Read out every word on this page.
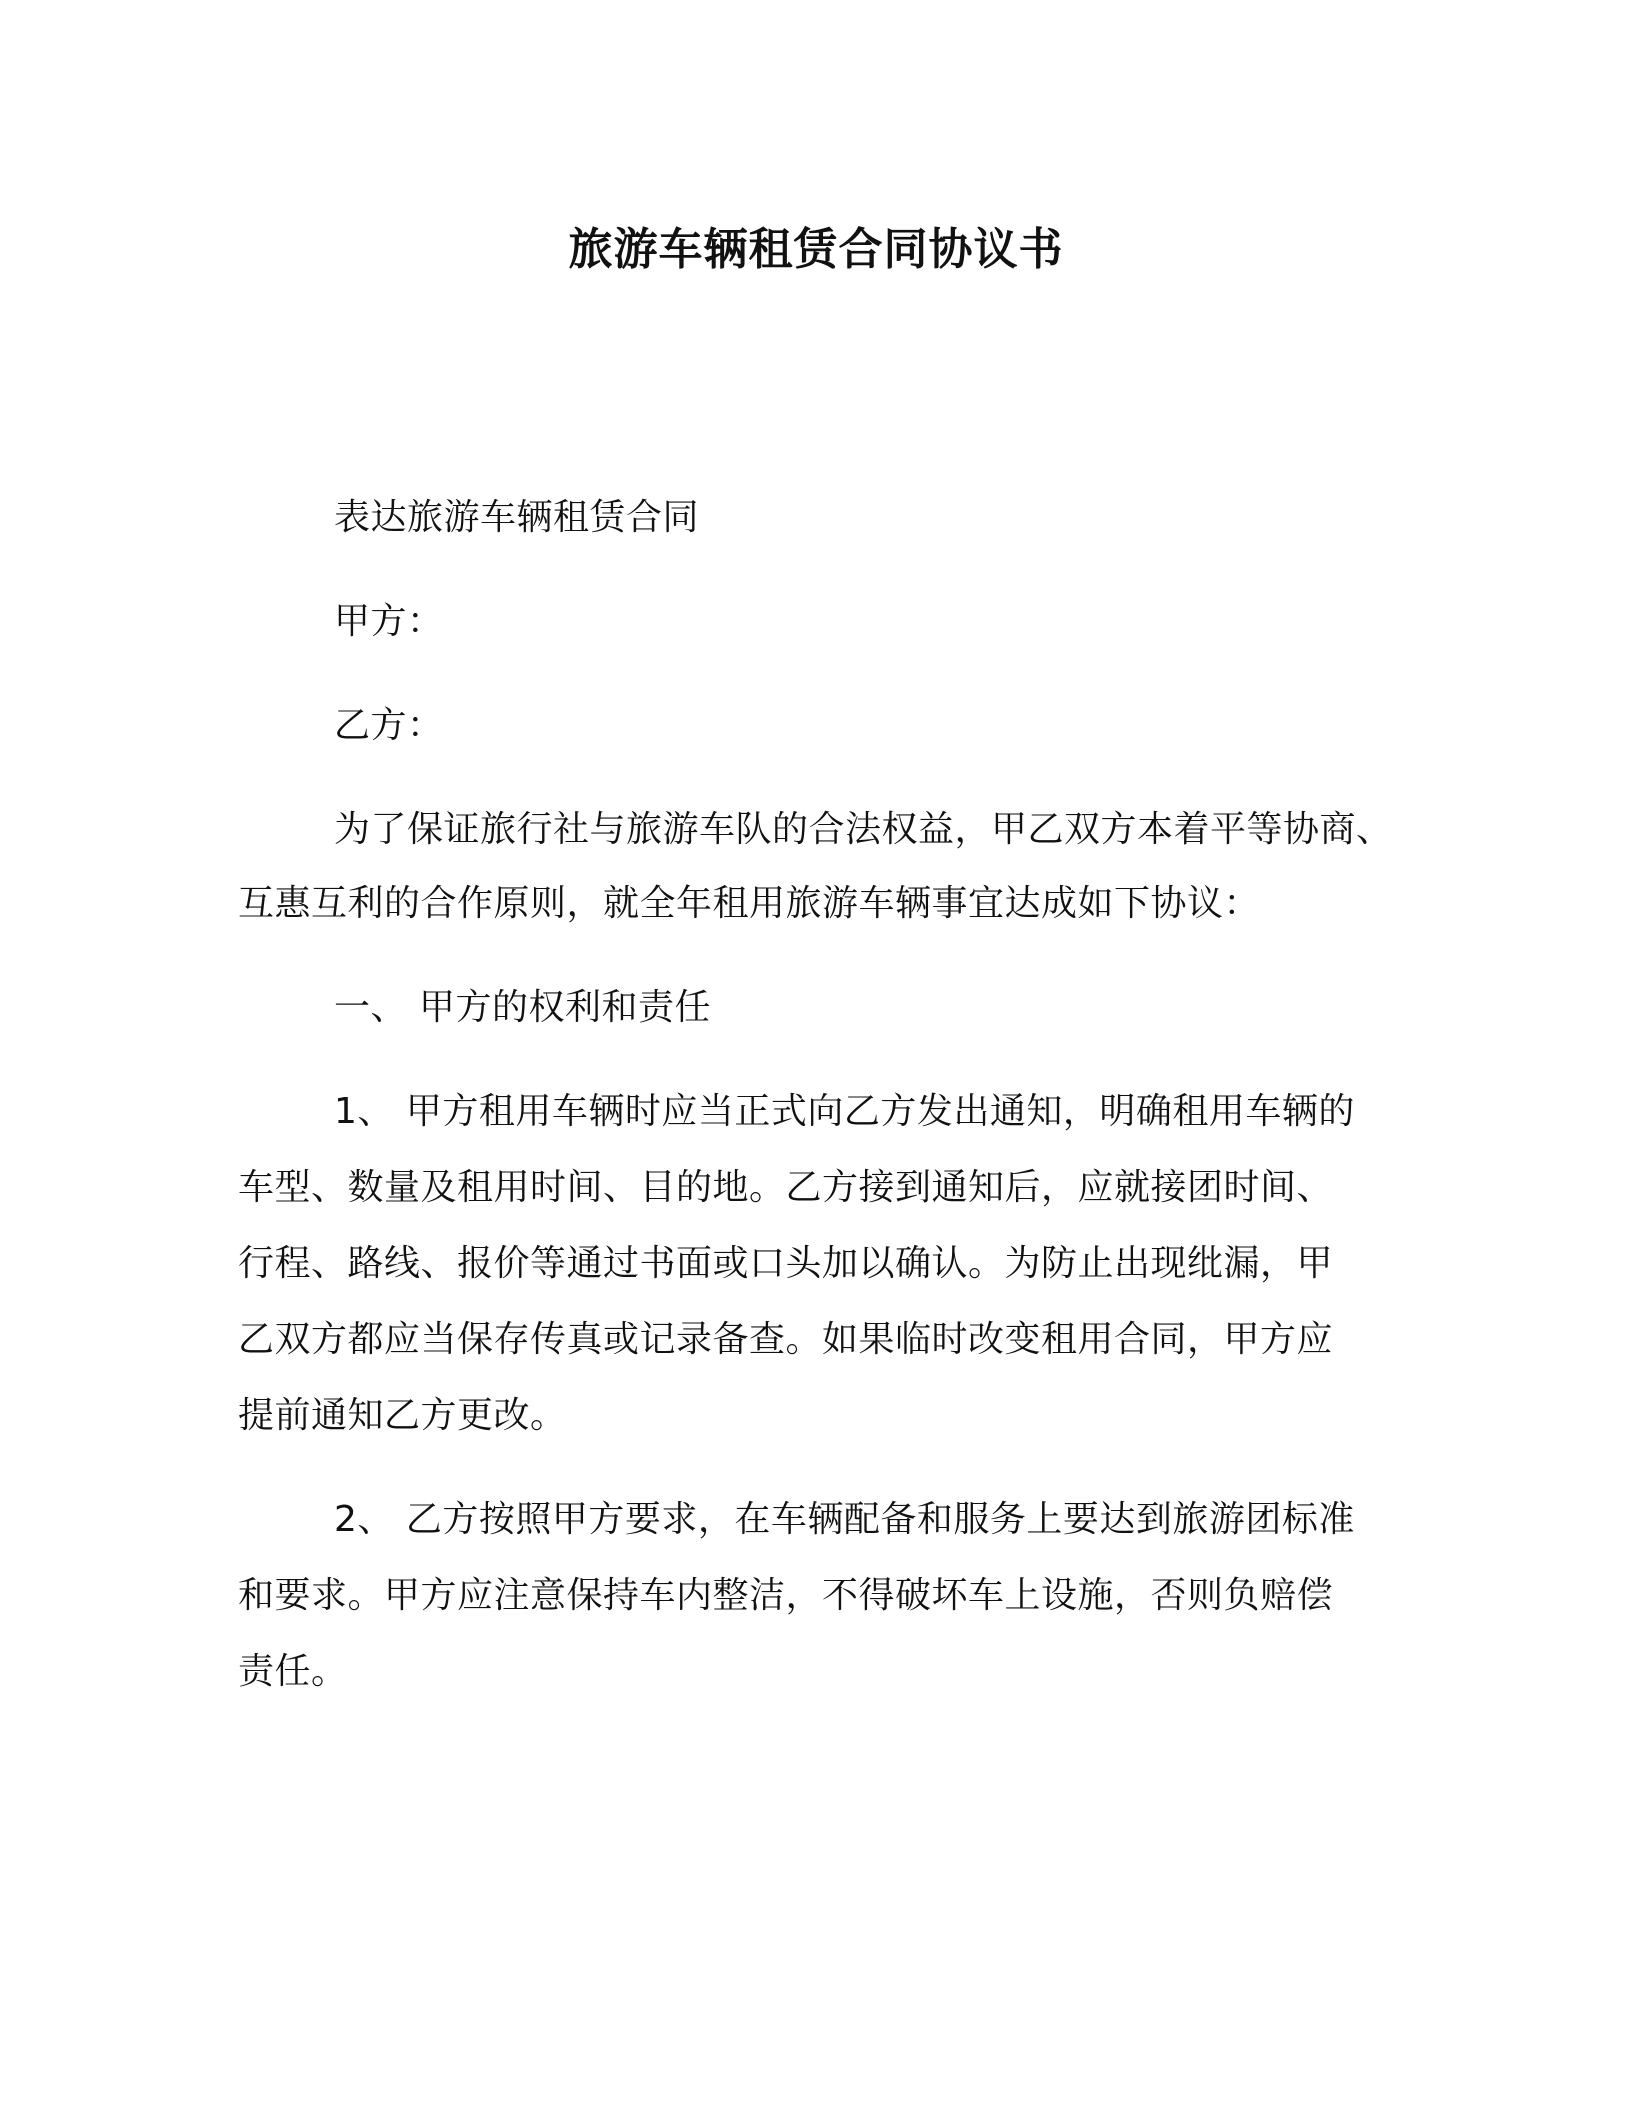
旅游车辆租赁合同协议书
表达旅游车辆租赁合同
甲方：
乙方：
为了保证旅行社与旅游车队的合法权益，甲乙双方本着平等协商、
互惠互利的合作原则，就全年租用旅游车辆事宜达成如下协议：
一、 甲方的权利和责任
1、 甲方租用车辆时应当正式向乙方发出通知，明确租用车辆的
车型、数量及租用时间、目的地。乙方接到通知后，应就接团时间、
行程、路线、报价等通过书面或口头加以确认。为防止出现纰漏，甲
乙双方都应当保存传真或记录备查。如果临时改变租用合同，甲方应
提前通知乙方更改。
2、 乙方按照甲方要求，在车辆配备和服务上要达到旅游团标准
和要求。甲方应注意保持车内整洁，不得破坏车上设施，否则负赔偿
责任。
